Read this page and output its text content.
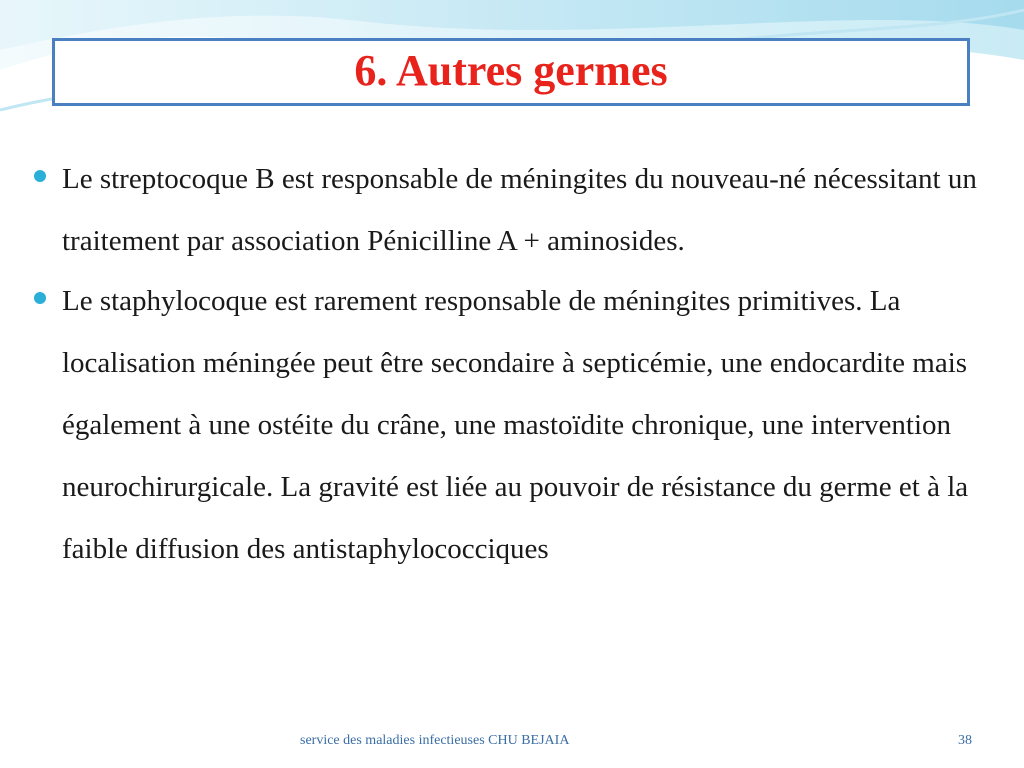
6. Autres germes
Le streptocoque B est responsable de méningites du nouveau-né nécessitant un traitement par association Pénicilline A + aminosides.
Le staphylocoque est rarement responsable de méningites primitives. La localisation méningée peut être secondaire à septicémie, une endocardite mais également à une ostéite du crâne, une mastoïdite chronique, une intervention neurochirurgicale. La gravité est liée au pouvoir de résistance du germe et à la faible diffusion des antistaphylococciques
service des maladies infectieuses CHU BEJAIA	38
